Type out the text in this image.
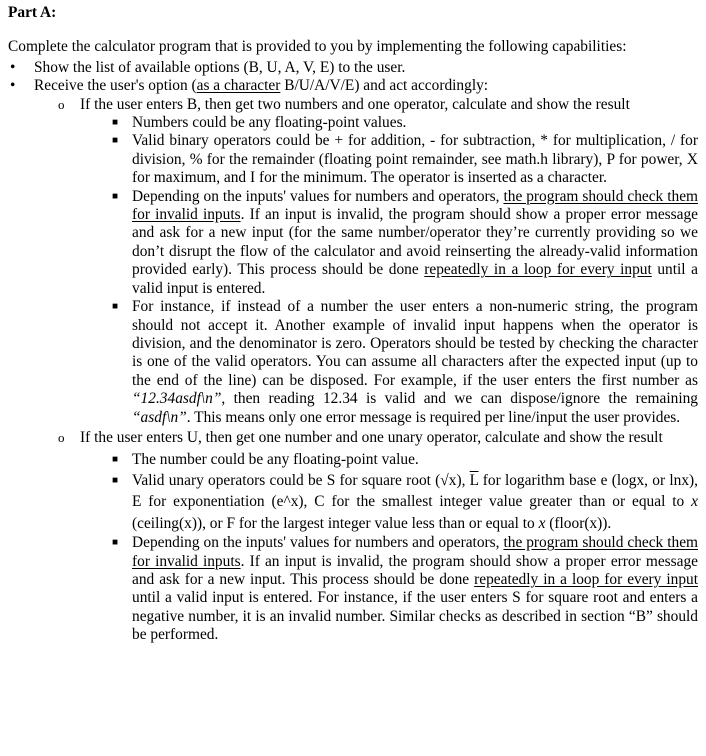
Part A:

Complete the calculator program that is provided to you by implementing the following capabilities:

•	Show the list of available options (B, U, A, V, E) to the user.
•	Receive the user's option (as a character B/U/A/V/E) and act accordingly:
o	If the user enters B, then get two numbers and one operator, calculate and show the result
■ Numbers could be any floating-point values.
■ Valid binary operators could be + for addition, - for subtraction, * for multiplication, / for division, % for the remainder (floating point remainder, see math.h library), P for power, X for maximum, and I for the minimum. The operator is inserted as a character.
■ Depending on the inputs' values for numbers and operators, the program should check them for invalid inputs. If an input is invalid, the program should show a proper error message and ask for a new input (for the same number/operator they’re currently providing so we don’t disrupt the flow of the calculator and avoid reinserting the already-valid information provided early). This process should be done repeatedly in a loop for every input until a valid input is entered.
■ For instance, if instead of a number the user enters a non-numeric string, the program should not accept it. Another example of invalid input happens when the operator is division, and the denominator is zero. Operators should be tested by checking the character is one of the valid operators. You can assume all characters after the expected input (up to the end of the line) can be disposed. For example, if the user enters the first number as “12.34asdf\n”, then reading 12.34 is valid and we can dispose/ignore the remaining “asdf\n”. This means only one error message is required per line/input the user provides.
o	If the user enters U, then get one number and one unary operator, calculate and show the result
■ The number could be any floating-point value.
■ Valid unary operators could be S for square root (√x), $\overline{L}$ for logarithm base e (logx, or lnx), E for exponentiation (e^x), C for the smallest integer value greater than or equal to x (ceiling(x)), or F for the largest integer value less than or equal to x (floor(x)).
■ Depending on the inputs' values for numbers and operators, the program should check them for invalid inputs. If an input is invalid, the program should show a proper error message and ask for a new input. This process should be done repeatedly in a loop for every input until a valid input is entered. For instance, if the user enters S for square root and enters a negative number, it is an invalid number. Similar checks as described in section “B” should be performed.
